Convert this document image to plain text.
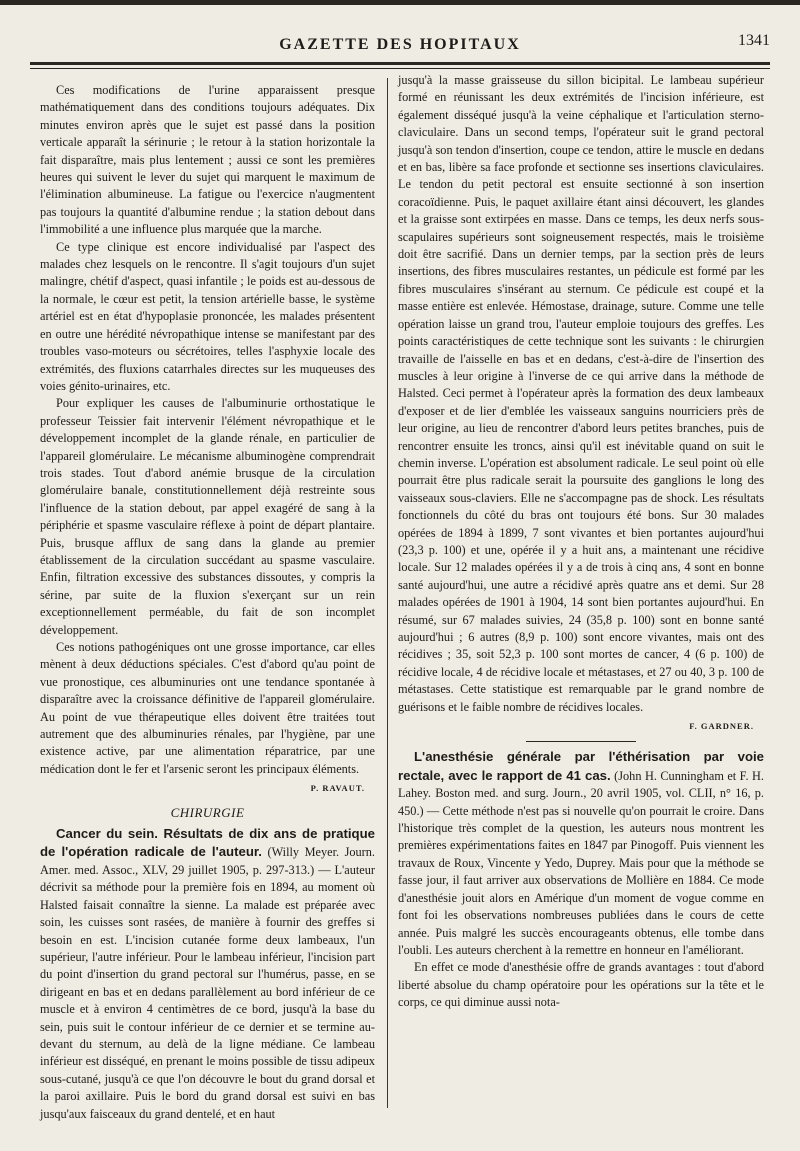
GAZETTE DES HOPITAUX	1341

Ces modifications de l'urine apparaissent presque mathématiquement dans des conditions toujours adéquates. Dix minutes environ après que le sujet est passé dans la position verticale apparaît la sérinurie ; le retour à la station horizontale la fait disparaître, mais plus lentement ; aussi ce sont les premières heures qui suivent le lever du sujet qui marquent le maximum de l'élimination albumineuse. La fatigue ou l'exercice n'augmentent pas toujours la quantité d'albumine rendue ; la station debout dans l'immobilité a une influence plus marquée que la marche.

Ce type clinique est encore individualisé par l'aspect des malades chez lesquels on le rencontre. Il s'agit toujours d'un sujet malingre, chétif d'aspect, quasi infantile ; le poids est au-dessous de la normale, le cœur est petit, la tension artérielle basse, le système artériel est en état d'hypoplasie prononcée, les malades présentent en outre une hérédité névropathique intense se manifestant par des troubles vaso-moteurs ou sécrétoires, telles l'asphyxie locale des extrémités, des fluxions catarrhales directes sur les muqueuses des voies génito-urinaires, etc.

Pour expliquer les causes de l'albuminurie orthostatique le professeur Teissier fait intervenir l'élément névropathique et le développement incomplet de la glande rénale, en particulier de l'appareil glomérulaire. Le mécanisme albuminogène comprendrait trois stades. Tout d'abord anémie brusque de la circulation glomérulaire banale, constitutionnellement déjà restreinte sous l'influence de la station debout, par appel exagéré de sang à la périphérie et spasme vasculaire réflexe à point de départ plantaire. Puis, brusque afflux de sang dans la glande au premier établissement de la circulation succédant au spasme vasculaire. Enfin, filtration excessive des substances dissoutes, y compris la sérine, par suite de la fluxion s'exerçant sur un rein exceptionnellement perméable, du fait de son incomplet développement.

Ces notions pathogéniques ont une grosse importance, car elles mènent à deux déductions spéciales. C'est d'abord qu'au point de vue pronostique, ces albuminuries ont une tendance spontanée à disparaître avec la croissance définitive de l'appareil glomérulaire. Au point de vue thérapeutique elles doivent être traitées tout autrement que des albuminuries rénales, par l'hygiène, par une existence active, par une alimentation réparatrice, par une médication dont le fer et l'arsenic seront les principaux éléments.

P. RAVAUT.

CHIRURGIE

Cancer du sein. Résultats de dix ans de pratique de l'opération radicale de l'auteur. (Willy Meyer. Journ. Amer. med. Assoc., XLV, 29 juillet 1905, p. 297-313.) — L'auteur décrivit sa méthode pour la première fois en 1894, au moment où Halsted faisait connaître la sienne. La malade est préparée avec soin, les cuisses sont rasées, de manière à fournir des greffes si besoin en est. L'incision cutanée forme deux lambeaux, l'un supérieur, l'autre inférieur. Pour le lambeau inférieur, l'incision part du point d'insertion du grand pectoral sur l'humérus, passe, en se dirigeant en bas et en dedans parallèlement au bord inférieur de ce muscle et à environ 4 centimètres de ce bord, jusqu'à la base du sein, puis suit le contour inférieur de ce dernier et se termine au-devant du sternum, au delà de la ligne médiane. Ce lambeau inférieur est disséqué, en prenant le moins possible de tissu adipeux sous-cutané, jusqu'à ce que l'on découvre le bout du grand dorsal et la paroi axillaire. Puis le bord du grand dorsal est suivi en bas jusqu'aux faisceaux du grand dentelé, et en haut

jusqu'à la masse graisseuse du sillon bicipital. Le lambeau supérieur formé en réunissant les deux extrémités de l'incision inférieure, est également disséqué jusqu'à la veine céphalique et l'articulation sterno-claviculaire. Dans un second temps, l'opérateur suit le grand pectoral jusqu'à son tendon d'insertion, coupe ce tendon, attire le muscle en dedans et en bas, libère sa face profonde et sectionne ses insertions claviculaires. Le tendon du petit pectoral est ensuite sectionné à son insertion coracoïdienne. Puis, le paquet axillaire étant ainsi découvert, les glandes et la graisse sont extirpées en masse. Dans ce temps, les deux nerfs sous-scapulaires supérieurs sont soigneusement respectés, mais le troisième doit être sacrifié. Dans un dernier temps, par la section près de leurs insertions, des fibres musculaires restantes, un pédicule est formé par les fibres musculaires s'insérant au sternum. Ce pédicule est coupé et la masse entière est enlevée. Hémostase, drainage, suture. Comme une telle opération laisse un grand trou, l'auteur emploie toujours des greffes. Les points caractéristiques de cette technique sont les suivants : le chirurgien travaille de l'aisselle en bas et en dedans, c'est-à-dire de l'insertion des muscles à leur origine à l'inverse de ce qui arrive dans la méthode de Halsted. Ceci permet à l'opérateur après la formation des deux lambeaux d'exposer et de lier d'emblée les vaisseaux sanguins nourriciers près de leur origine, au lieu de rencontrer d'abord leurs petites branches, puis de rencontrer ensuite les troncs, ainsi qu'il est inévitable quand on suit le chemin inverse. L'opération est absolument radicale. Le seul point où elle pourrait être plus radicale serait la poursuite des ganglions le long des vaisseaux sous-claviers. Elle ne s'accompagne pas de shock. Les résultats fonctionnels du côté du bras ont toujours été bons. Sur 30 malades opérées de 1894 à 1899, 7 sont vivantes et bien portantes aujourd'hui (23,3 p. 100) et une, opérée il y a huit ans, a maintenant une récidive locale. Sur 12 malades opérées il y a de trois à cinq ans, 4 sont en bonne santé aujourd'hui, une autre a récidivé après quatre ans et demi. Sur 28 malades opérées de 1901 à 1904, 14 sont bien portantes aujourd'hui. En résumé, sur 67 malades suivies, 24 (35,8 p. 100) sont en bonne santé aujourd'hui ; 6 autres (8,9 p. 100) sont encore vivantes, mais ont des récidives ; 35, soit 52,3 p. 100 sont mortes de cancer, 4 (6 p. 100) de récidive locale, 4 de récidive locale et métastases, et 27 ou 40, 3 p. 100 de métastases. Cette statistique est remarquable par le grand nombre de guérisons et le faible nombre de récidives locales.

F. GARDNER.

L'anesthésie générale par l'éthérisation par voie rectale, avec le rapport de 41 cas. (John H. Cunningham et F. H. Lahey. Boston med. and surg. Journ., 20 avril 1905, vol. CLII, n° 16, p. 450.) — Cette méthode n'est pas si nouvelle qu'on pourrait le croire. Dans l'historique très complet de la question, les auteurs nous montrent les premières expérimentations faites en 1847 par Pinogoff. Puis viennent les travaux de Roux, Vincente y Yedo, Duprey. Mais pour que la méthode se fasse jour, il faut arriver aux observations de Mollière en 1884. Ce mode d'anesthésie jouit alors en Amérique d'un moment de vogue comme en font foi les observations nombreuses publiées dans le cours de cette année. Puis malgré les succès encourageants obtenus, elle tombe dans l'oubli. Les auteurs cherchent à la remettre en honneur en l'améliorant.

En effet ce mode d'anesthésie offre de grands avantages : tout d'abord liberté absolue du champ opératoire pour les opérations sur la tête et le corps, ce qui diminue aussi nota-
